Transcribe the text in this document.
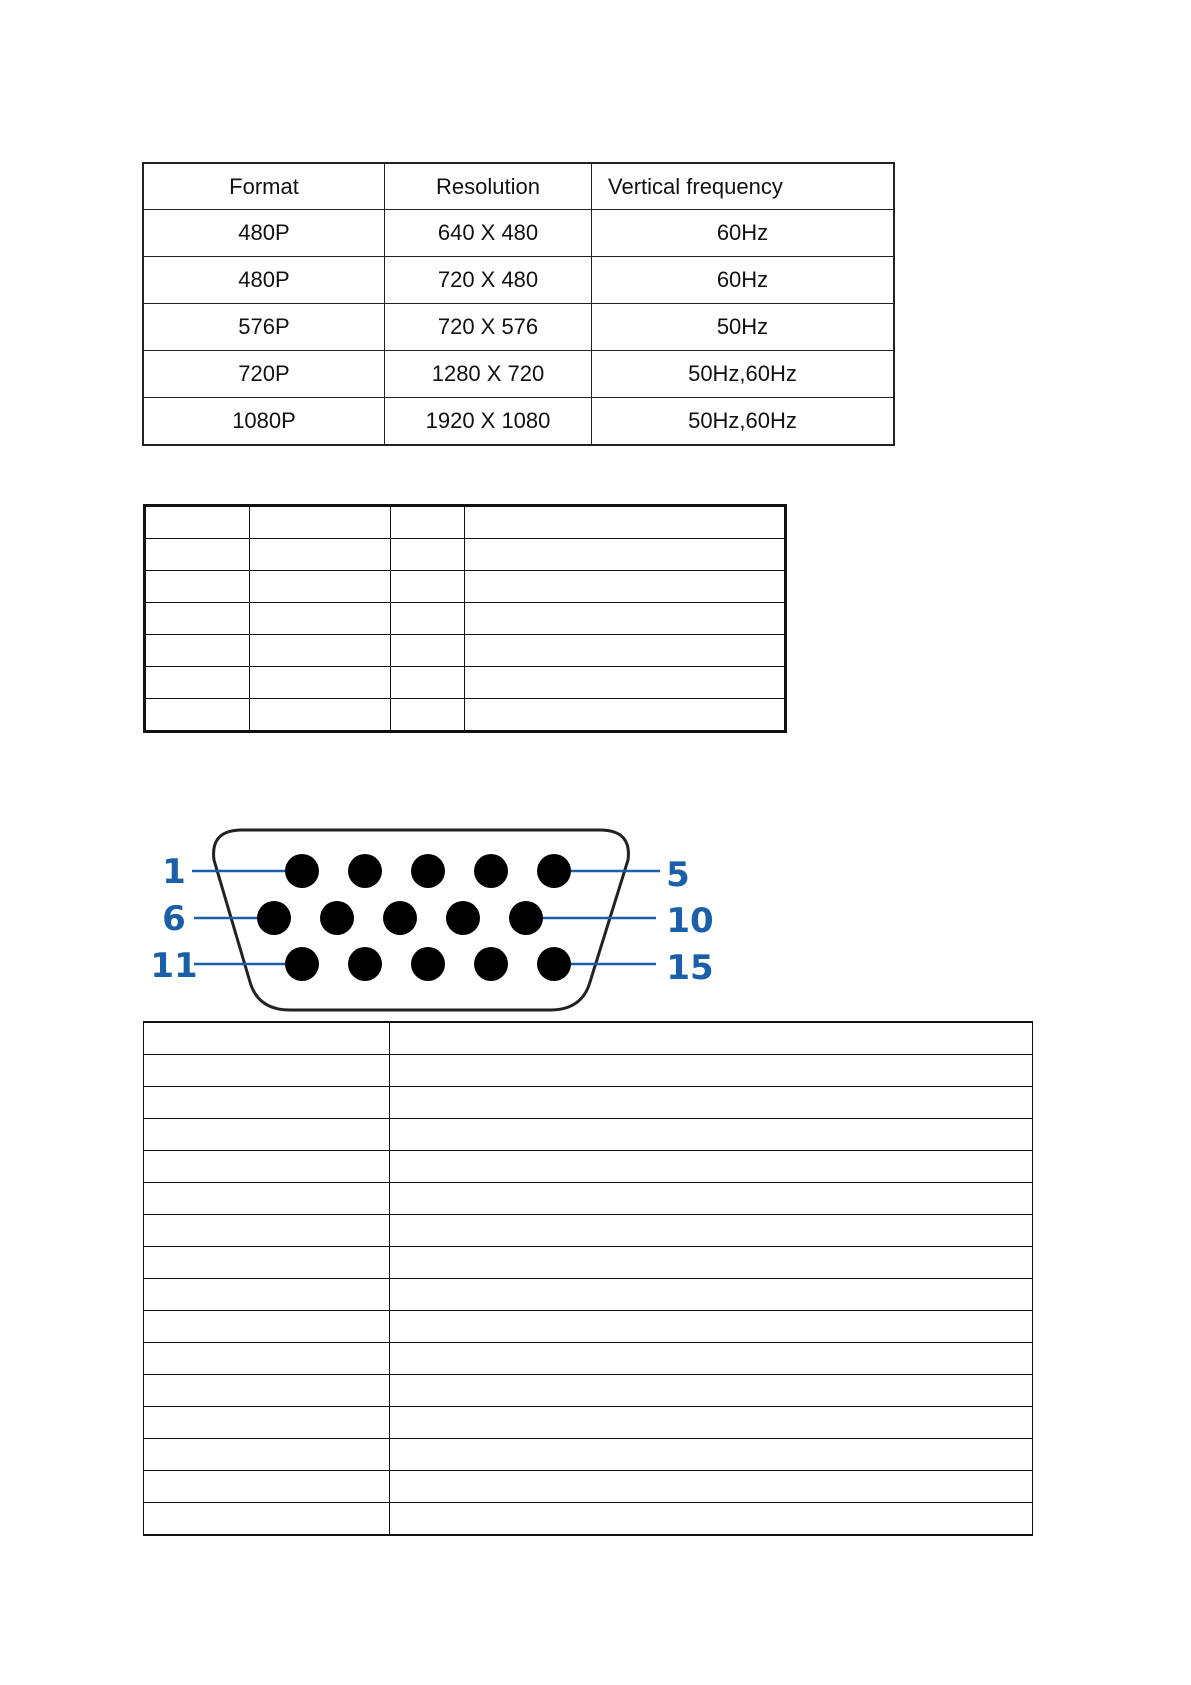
Format	Resolution	Vertical frequency
480P	640 X 480	60Hz
480P	720 X 480	60Hz
576P	720 X 576	50Hz
720P	1280 X 720	50Hz,60Hz
1080P	1920 X 1080	50Hz,60Hz

1	5
6	10
11	15
